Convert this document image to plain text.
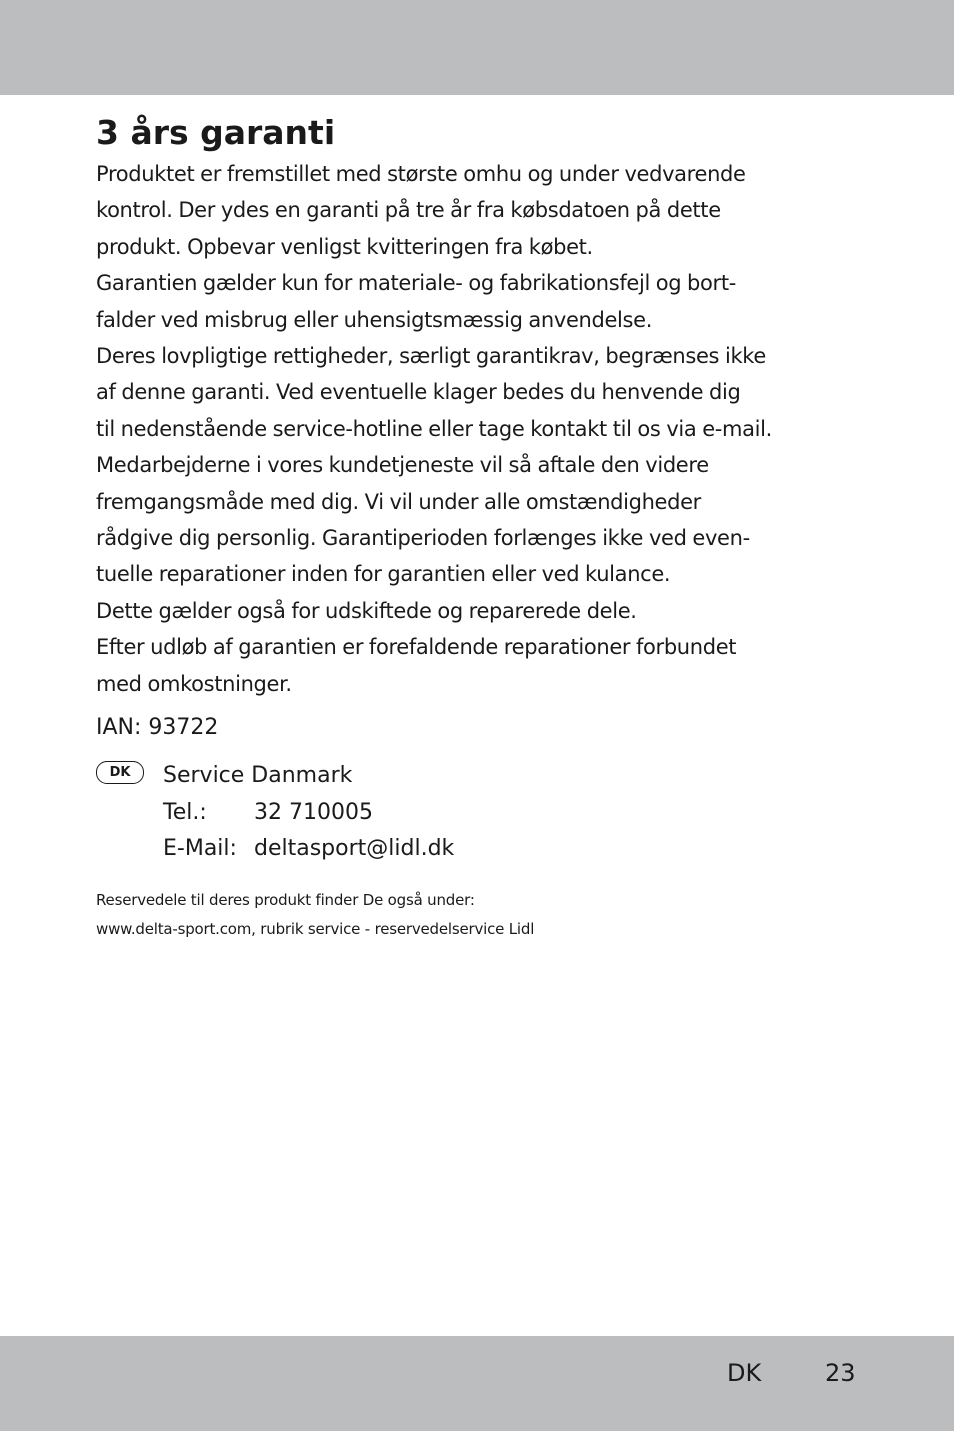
3 års garanti

Produktet er fremstillet med største omhu og under vedvarende
kontrol. Der ydes en garanti på tre år fra købsdatoen på dette
produkt. Opbevar venligst kvitteringen fra købet.
Garantien gælder kun for materiale- og fabrikationsfejl og bort-
falder ved misbrug eller uhensigtsmæssig anvendelse.
Deres lovpligtige rettigheder, særligt garantikrav, begrænses ikke
af denne garanti. Ved eventuelle klager bedes du henvende dig
til nedenstående service-hotline eller tage kontakt til os via e-mail.
Medarbejderne i vores kundetjeneste vil så aftale den videre
fremgangsmåde med dig. Vi vil under alle omstændigheder
rådgive dig personlig. Garantiperioden forlænges ikke ved even-
tuelle reparationer inden for garantien eller ved kulance.
Dette gælder også for udskiftede og reparerede dele.
Efter udløb af garantien er forefaldende reparationer forbundet
med omkostninger.

IAN: 93722
DK	Service Danmark
Tel.: 32 710005
E-Mail: deltasport@lidl.dk
Reservedele til deres produkt finder De også under:
www.delta-sport.com, rubrik service - reservedelservice Lidl
DK	23
